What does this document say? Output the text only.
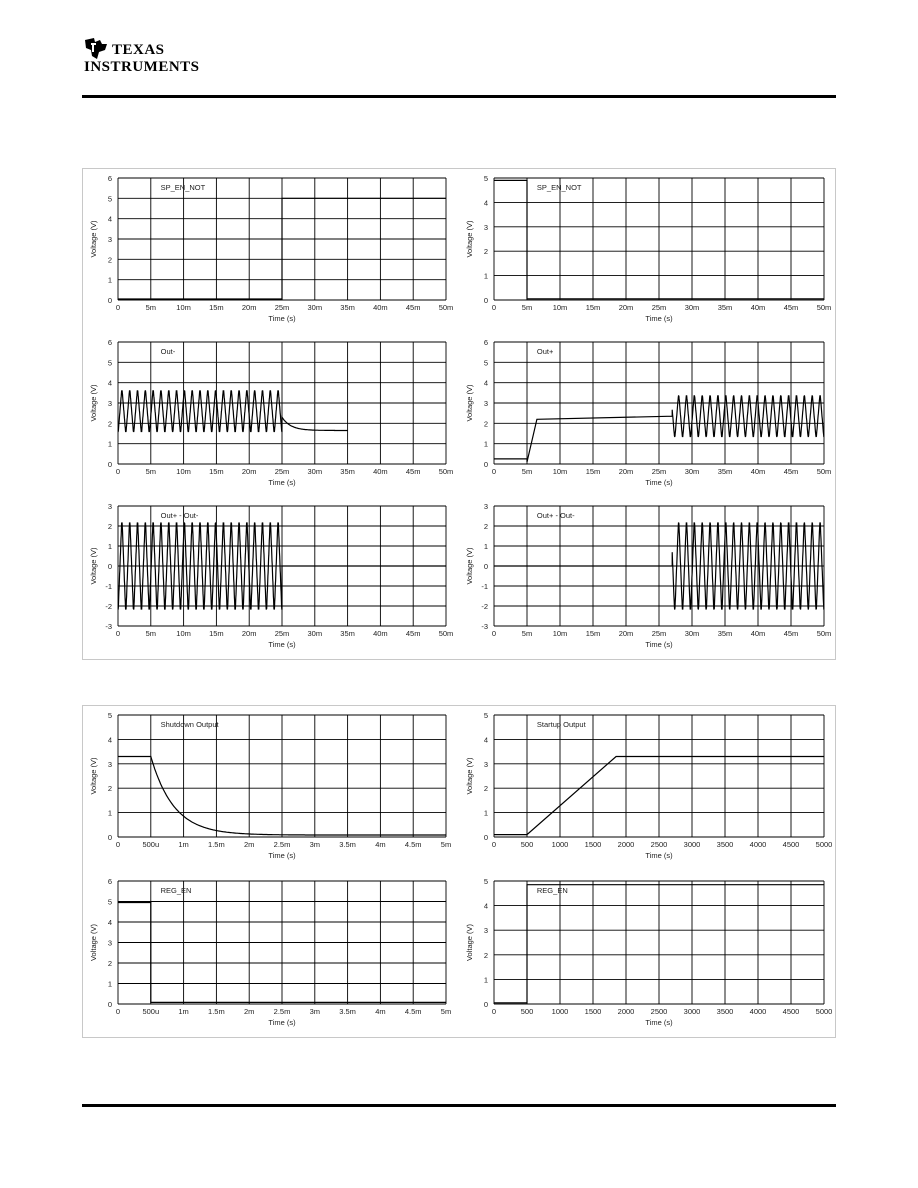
TEXAS
INSTRUMENTS
0	5m	10m 15m 20m 25m 30m 35m 40m 45m 50m
0
1
2
3
4
5
6
Time (s)
Voltage (V)
SP_EN_NOT
0	5m	10m 15m 20m 25m 30m 35m 40m 45m 50m
0
1
2
3
4
5
Time (s)
Voltage (V)
SP_EN_NOT
0	5m	10m 15m 20m 25m 30m 35m 40m 45m 50m
0
1
2
3
4
5
6
Time (s)
Voltage (V)
Out-
0	5m	10m 15m 20m 25m 30m 35m 40m 45m 50m
0
1
2
3
4
5
6
Time (s)
Voltage (V)
Out+
0	5m	10m 15m 20m 25m 30m 35m 40m 45m 50m
-3
-2
-1
0
1
2
3
Time (s)
Voltage (V)
Out+ - Out-
0	5m	10m 15m 20m 25m 30m 35m 40m 45m 50m
-3
-2
-1
0
1
2
3
Time (s)
Voltage (V)
Out+ - Out-
0	500u	1m	1.5m	2m	2.5m	3m	3.5m	4m	4.5m	5m
0
1
2
3
4
5
Time (s)
Voltage (V)
Shutdown Output
0	500 1000 1500 2000 2500 3000 3500 4000 4500 5000
0
1
2
3
4
5
Time (s)
Voltage (V)
Startup Output
0	500u	1m	1.5m	2m	2.5m	3m	3.5m	4m	4.5m	5m
0
1
2
3
4
5
6
Time (s)
Voltage (V)
REG_EN
0	500 1000 1500 2000 2500 3000 3500 4000 4500 5000
0
1
2
3
4
5
Time (s)
Voltage (V)
REG_EN
